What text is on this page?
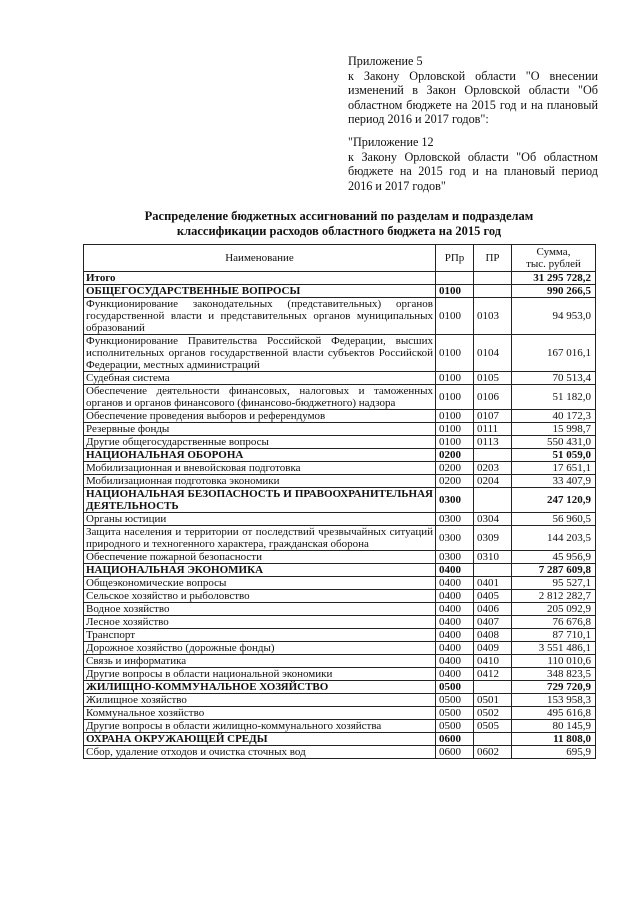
Приложение 5

к Закону Орловской области "О внесении изменений в Закон Орловской области "Об областном бюджете на 2015 год и на плановый период 2016 и 2017 годов":

"Приложение 12

к Закону Орловской области "Об областном бюджете на 2015 год и на плановый период 2016 и 2017 годов"

Распределение бюджетных ассигнований по разделам и подразделам
классификации расходов областного бюджета на 2015 год
Наименование	РПр	ПР	Сумма,
тыс. рублей

Итого			31 295 728,2
ОБЩЕГОСУДАРСТВЕННЫЕ ВОПРОСЫ	0100		990 266,5
Функционирование законодательных (представительных) органов государственной власти и представительных органов муниципальных образований	0100	0103	94 953,0
Функционирование Правительства Российской Федерации, высших исполнительных органов государственной власти субъектов Российской Федерации, местных администраций	0100	0104	167 016,1
Судебная система	0100	0105	70 513,4
Обеспечение деятельности финансовых, налоговых и таможенных органов и органов финансового (финансово-бюджетного) надзора	0100	0106	51 182,0
Обеспечение проведения выборов и референдумов	0100	0107	40 172,3
Резервные фонды	0100	0111	15 998,7
Другие общегосударственные вопросы	0100	0113	550 431,0
НАЦИОНАЛЬНАЯ ОБОРОНА	0200		51 059,0
Мобилизационная и вневойсковая подготовка	0200	0203	17 651,1
Мобилизационная подготовка экономики	0200	0204	33 407,9
НАЦИОНАЛЬНАЯ БЕЗОПАСНОСТЬ И ПРАВООХРАНИТЕЛЬНАЯ ДЕЯТЕЛЬНОСТЬ	0300		247 120,9
Органы юстиции	0300	0304	56 960,5
Защита населения и территории от последствий чрезвычайных ситуаций природного и техногенного характера, гражданская оборона	0300	0309	144 203,5
Обеспечение пожарной безопасности	0300	0310	45 956,9
НАЦИОНАЛЬНАЯ ЭКОНОМИКА	0400		7 287 609,8
Общеэкономические вопросы	0400	0401	95 527,1
Сельское хозяйство и рыболовство	0400	0405	2 812 282,7
Водное хозяйство	0400	0406	205 092,9
Лесное хозяйство	0400	0407	76 676,8
Транспорт	0400	0408	87 710,1
Дорожное хозяйство (дорожные фонды)	0400	0409	3 551 486,1
Связь и информатика	0400	0410	110 010,6
Другие вопросы в области национальной экономики	0400	0412	348 823,5
ЖИЛИЩНО-КОММУНАЛЬНОЕ ХОЗЯЙСТВО	0500		729 720,9
Жилищное хозяйство	0500	0501	153 958,3
Коммунальное хозяйство	0500	0502	495 616,8
Другие вопросы в области жилищно-коммунального хозяйства	0500	0505	80 145,9
ОХРАНА ОКРУЖАЮЩЕЙ СРЕДЫ	0600		11 808,0
Сбор, удаление отходов и очистка сточных вод	0600	0602	695,9
